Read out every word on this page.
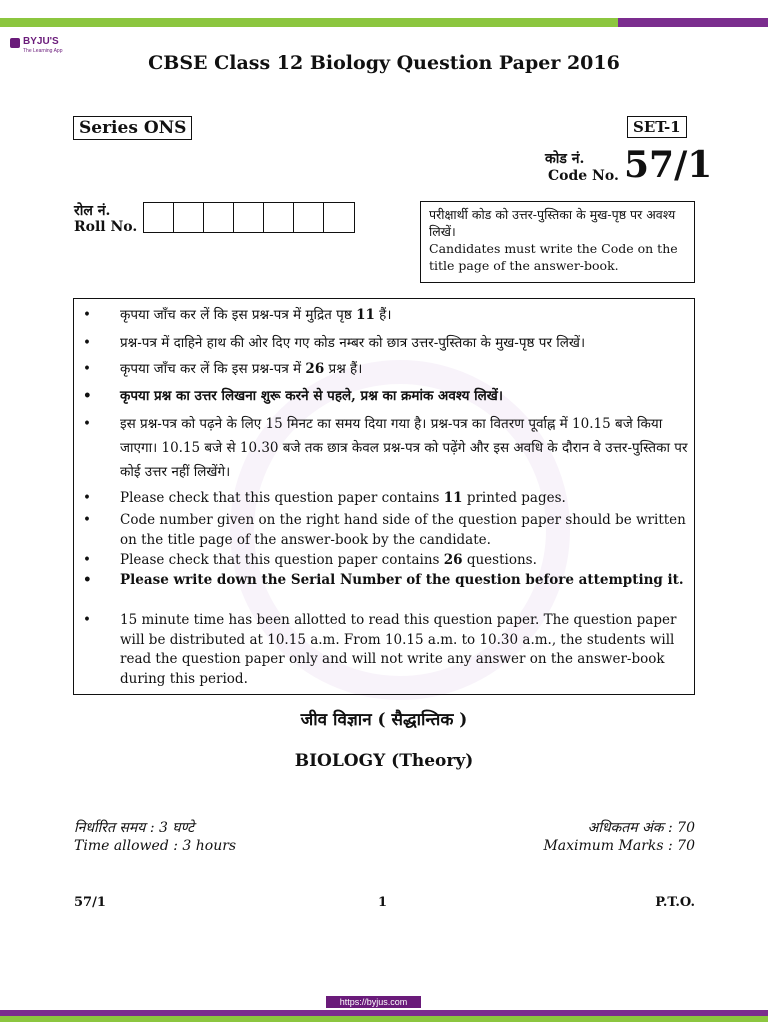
BYJU'S
The Learning App
CBSE Class 12 Biology Question Paper 2016
Series ONS	SET-1
कोड नं.
Code No. 57/1
रोल नं.
Roll No.
परीक्षार्थी कोड को उत्तर-पुस्तिका के मुख-पृष्ठ पर अवश्य लिखें।
Candidates must write the Code on the title page of the answer-book.
• कृपया जाँच कर लें कि इस प्रश्न-पत्र में मुद्रित पृष्ठ 11 हैं।
• प्रश्न-पत्र में दाहिने हाथ की ओर दिए गए कोड नम्बर को छात्र उत्तर-पुस्तिका के मुख-पृष्ठ पर लिखें।
• कृपया जाँच कर लें कि इस प्रश्न-पत्र में 26 प्रश्न हैं।
• कृपया प्रश्न का उत्तर लिखना शुरू करने से पहले, प्रश्न का क्रमांक अवश्य लिखें।
• इस प्रश्न-पत्र को पढ़ने के लिए 15 मिनट का समय दिया गया है। प्रश्न-पत्र का वितरण पूर्वाह्न में 10.15 बजे किया जाएगा। 10.15 बजे से 10.30 बजे तक छात्र केवल प्रश्न-पत्र को पढ़ेंगे और इस अवधि के दौरान वे उत्तर-पुस्तिका पर कोई उत्तर नहीं लिखेंगे।
• Please check that this question paper contains 11 printed pages.
• Code number given on the right hand side of the question paper should be written on the title page of the answer-book by the candidate.
• Please check that this question paper contains 26 questions.
• Please write down the Serial Number of the question before attempting it.
• 15 minute time has been allotted to read this question paper. The question paper will be distributed at 10.15 a.m. From 10.15 a.m. to 10.30 a.m., the students will read the question paper only and will not write any answer on the answer-book during this period.
जीव विज्ञान ( सैद्धान्तिक )
BIOLOGY (Theory)
निर्धारित समय : 3 घण्टे
Time allowed : 3 hours
अधिकतम अंक : 70
Maximum Marks : 70
57/1	1	P.T.O.
https://byjus.com
